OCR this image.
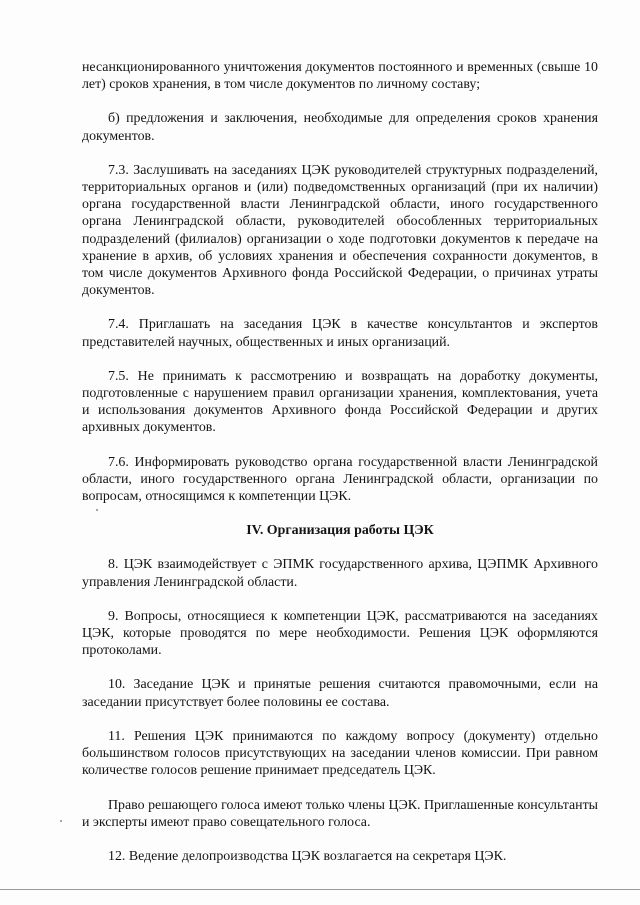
несанкционированного уничтожения документов постоянного и временных (свыше 10 лет) сроков хранения, в том числе документов по личному составу;

б) предложения и заключения, необходимые для определения сроков хранения документов.

7.3. Заслушивать на заседаниях ЦЭК руководителей структурных подразделений, территориальных органов и (или) подведомственных организаций (при их наличии) органа государственной власти Ленинградской области, иного государственного органа Ленинградской области, руководителей обособленных территориальных подразделений (филиалов) организации о ходе подготовки документов к передаче на хранение в архив, об условиях хранения и обеспечения сохранности документов, в том числе документов Архивного фонда Российской Федерации, о причинах утраты документов.

7.4. Приглашать на заседания ЦЭК в качестве консультантов и экспертов представителей научных, общественных и иных организаций.

7.5. Не принимать к рассмотрению и возвращать на доработку документы, подготовленные с нарушением правил организации хранения, комплектования, учета и использования документов Архивного фонда Российской Федерации и других архивных документов.

7.6. Информировать руководство органа государственной власти Ленинградской области, иного государственного органа Ленинградской области, организации по вопросам, относящимся к компетенции ЦЭК.

IV. Организация работы ЦЭК

8. ЦЭК взаимодействует с ЭПМК государственного архива, ЦЭПМК Архивного управления Ленинградской области.

9. Вопросы, относящиеся к компетенции ЦЭК, рассматриваются на заседаниях ЦЭК, которые проводятся по мере необходимости. Решения ЦЭК оформляются протоколами.

10. Заседание ЦЭК и принятые решения считаются правомочными, если на заседании присутствует более половины ее состава.

11. Решения ЦЭК принимаются по каждому вопросу (документу) отдельно большинством голосов присутствующих на заседании членов комиссии. При равном количестве голосов решение принимает председатель ЦЭК.

Право решающего голоса имеют только члены ЦЭК. Приглашенные консультанты и эксперты имеют право совещательного голоса.

12. Ведение делопроизводства ЦЭК возлагается на секретаря ЦЭК.
